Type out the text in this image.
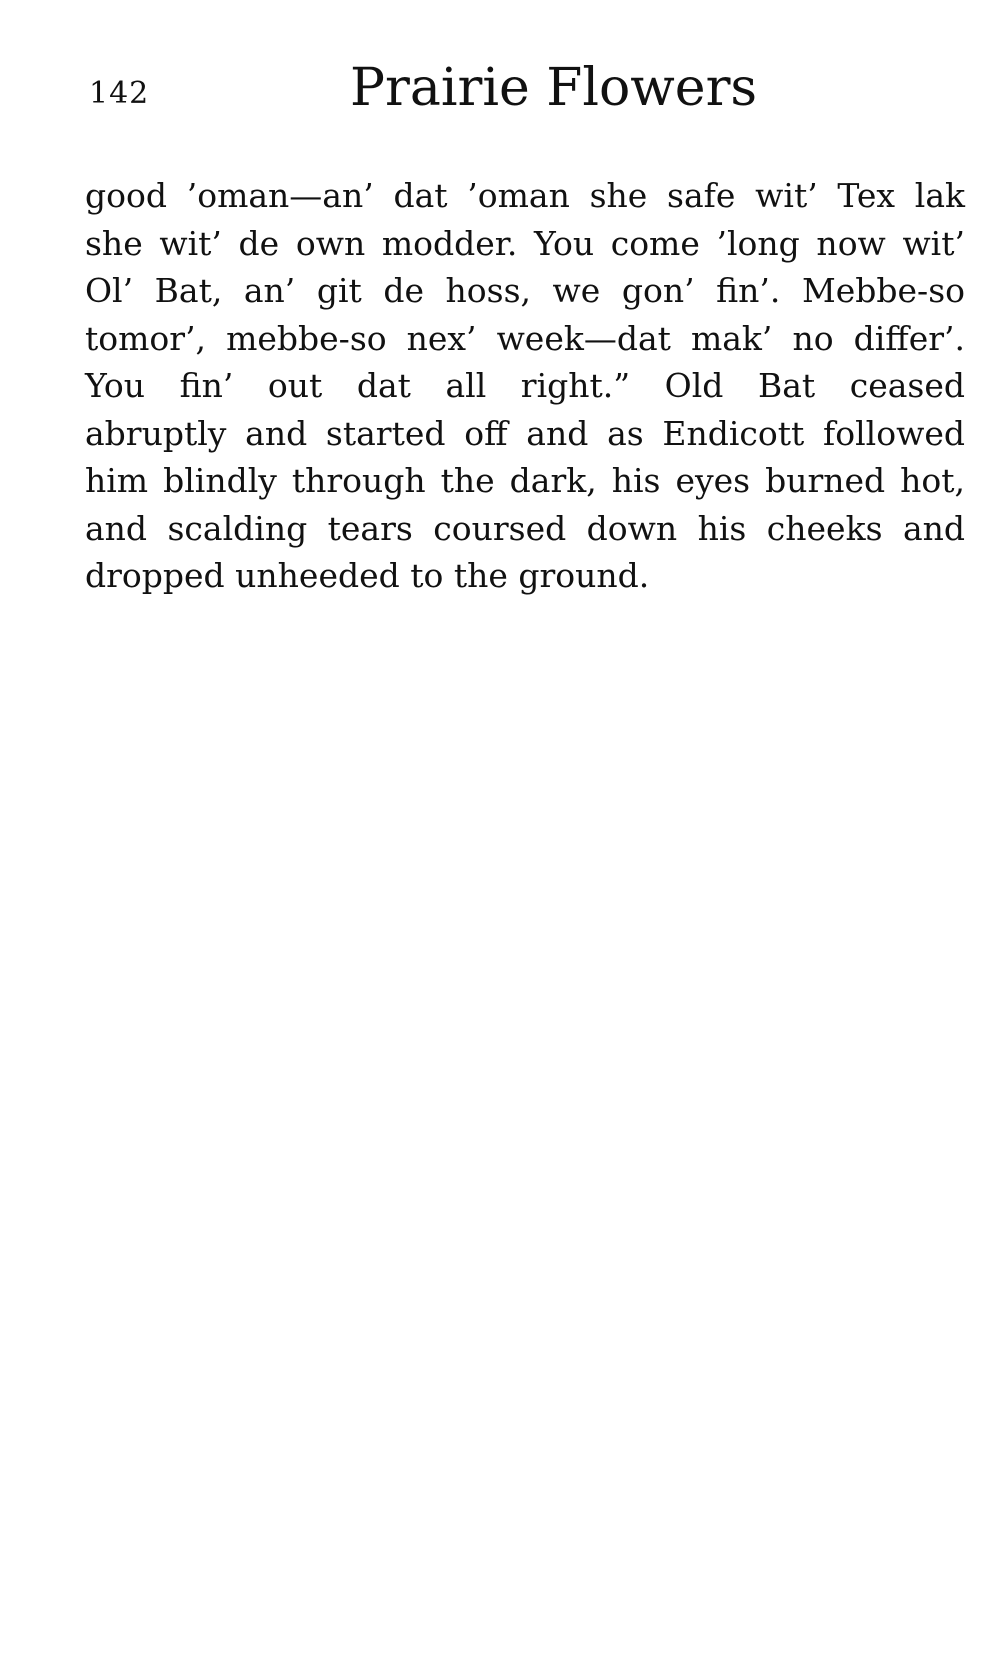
142	Prairie Flowers
good ’oman—an’ dat ’oman she safe wit’ Tex lak
she wit’ de own modder. You come ’long now wit’
Ol’ Bat, an’ git de hoss, we gon’ fin’. Mebbe-so
tomor’, mebbe-so nex’ week—dat mak’ no differ’.
You fin’ out dat all right.” Old Bat ceased
abruptly and started off and as Endicott followed
him blindly through the dark, his eyes burned hot,
and scalding tears coursed down his cheeks and
dropped unheeded to the ground.
